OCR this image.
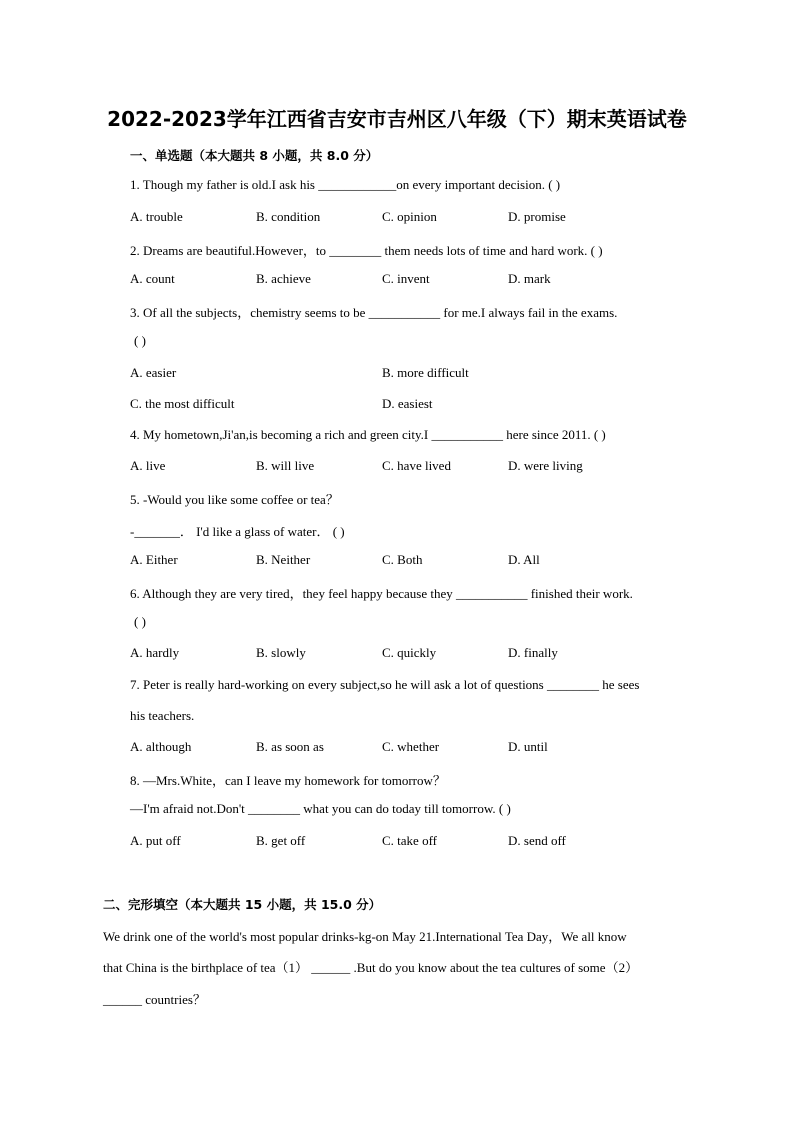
2022-2023学年江西省吉安市吉州区八年级（下）期末英语试卷
一、单选题（本大题共 8 小题，共 8.0 分）
1. Though my father is old.I ask his ____________on every important decision. ( )
A. trouble	B. condition	C. opinion	D. promise
2. Dreams are beautiful.However，to ________ them needs lots of time and hard work. ( )
A. count	B. achieve	C. invent	D. mark
3. Of all the subjects，chemistry seems to be ___________ for me.I always fail in the exams.
( )
A. easier	B. more difficult
C. the most difficult	D. easiest
4. My hometown,Ji'an,is becoming a rich and green city.I ___________ here since 2011. ( )
A. live	B. will live	C. have lived	D. were living
5. -Would you like some coffee or tea？
-_______． I'd like a glass of water． ( )
A. Either	B. Neither	C. Both	D. All
6. Although they are very tired，they feel happy because they ___________ finished their work.
( )
A. hardly	B. slowly	C. quickly	D. finally
7. Peter is really hard-working on every subject,so he will ask a lot of questions ________ he sees
his teachers.
A. although	B. as soon as	C. whether	D. until
8. —Mrs.White，can I leave my homework for tomorrow？
—I'm afraid not.Don't ________ what you can do today till tomorrow. ( )
A. put off	B. get off	C. take off	D. send off
二、完形填空（本大题共 15 小题，共 15.0 分）
We drink one of the world's most popular drinks-kg-on May 21.International Tea Day，We all know
that China is the birthplace of tea（1） ______ .But do you know about the tea cultures of some（2）
______ countries？
